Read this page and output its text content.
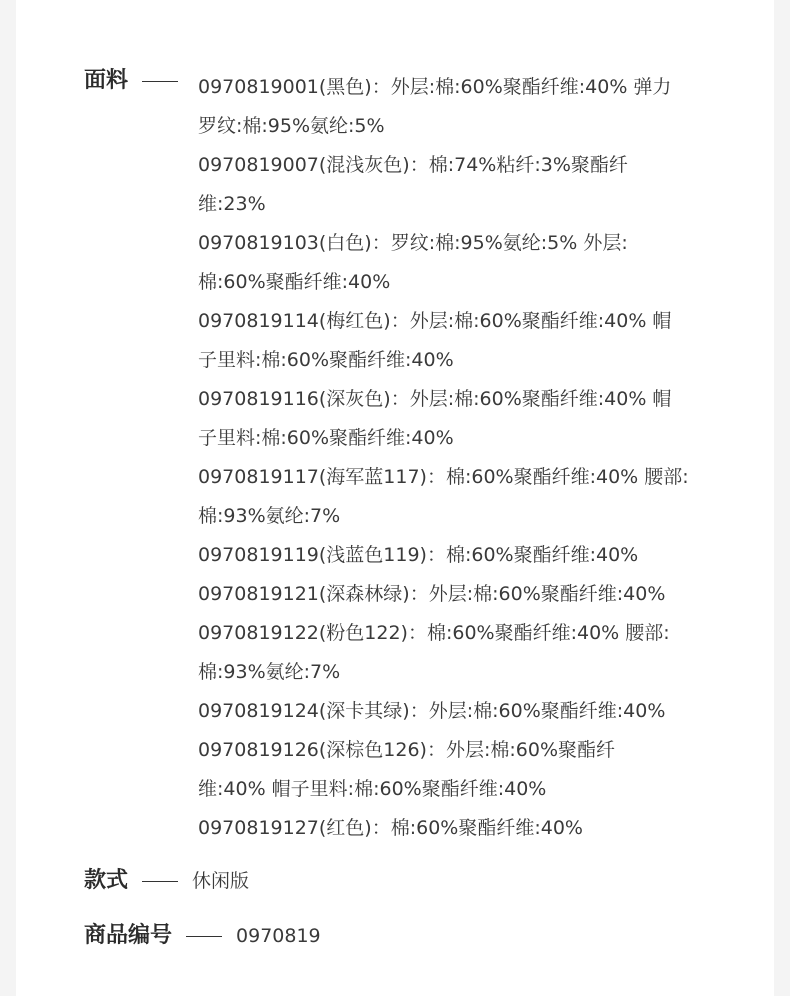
面料	0970819001(黑色)：外层:棉:60%聚酯纤维:40% 弹力
罗纹:棉:95%氨纶:5%
0970819007(混浅灰色)：棉:74%粘纤:3%聚酯纤
维:23%
0970819103(白色)：罗纹:棉:95%氨纶:5% 外层:
棉:60%聚酯纤维:40%
0970819114(梅红色)：外层:棉:60%聚酯纤维:40% 帽
子里料:棉:60%聚酯纤维:40%
0970819116(深灰色)：外层:棉:60%聚酯纤维:40% 帽
子里料:棉:60%聚酯纤维:40%
0970819117(海军蓝117)：棉:60%聚酯纤维:40% 腰部:
棉:93%氨纶:7%
0970819119(浅蓝色119)：棉:60%聚酯纤维:40%
0970819121(深森林绿)：外层:棉:60%聚酯纤维:40%
0970819122(粉色122)：棉:60%聚酯纤维:40% 腰部:
棉:93%氨纶:7%
0970819124(深卡其绿)：外层:棉:60%聚酯纤维:40%
0970819126(深棕色126)：外层:棉:60%聚酯纤
维:40% 帽子里料:棉:60%聚酯纤维:40%
0970819127(红色)：棉:60%聚酯纤维:40%
款式	休闲版
商品编号	0970819
